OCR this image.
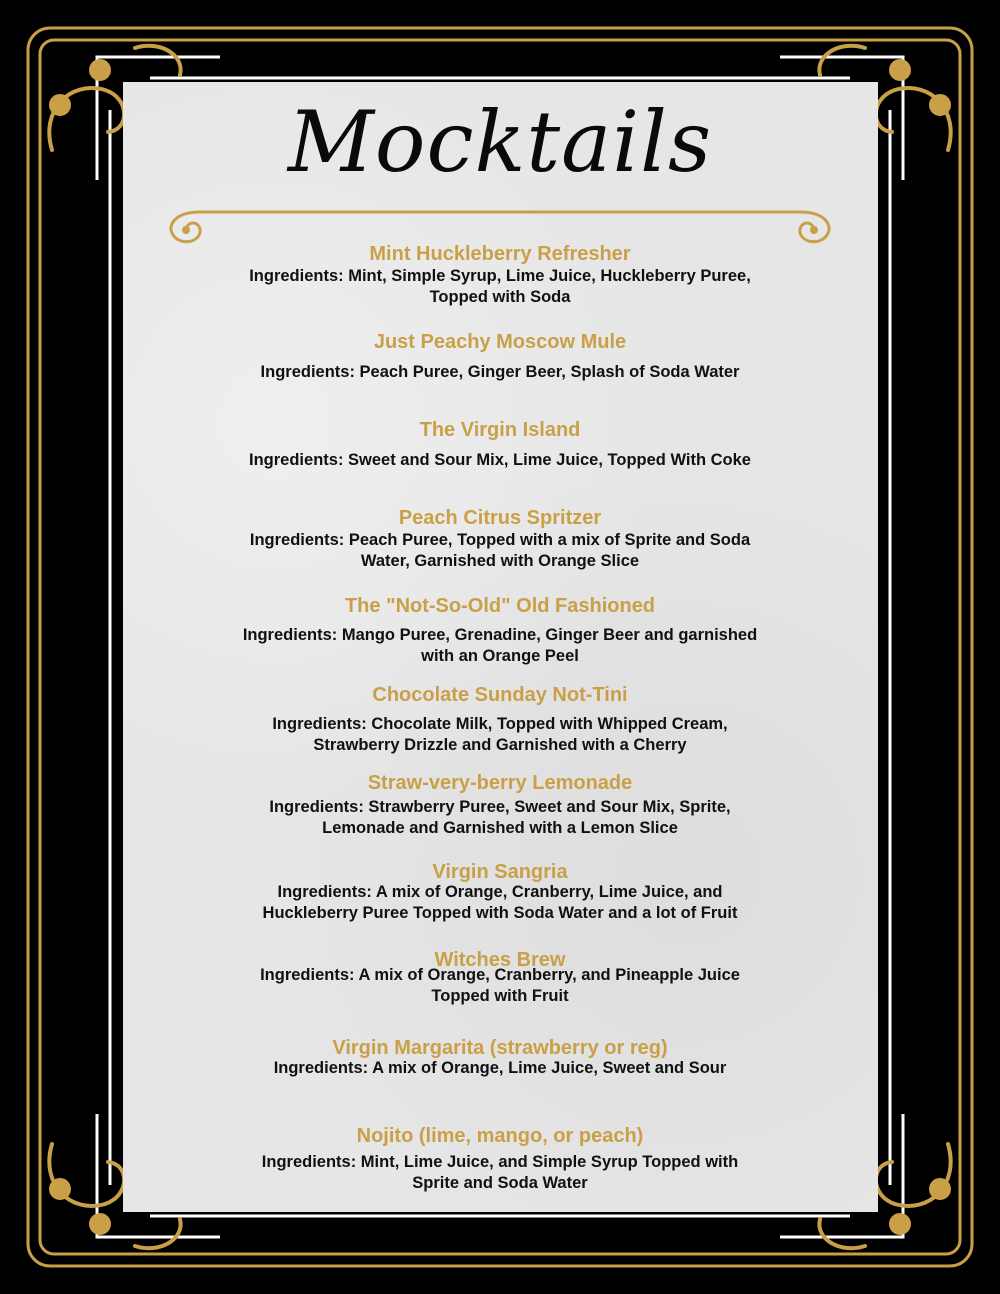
Mocktails
Mint Huckleberry Refresher
Ingredients: Mint, Simple Syrup, Lime Juice, Huckleberry Puree,
Topped with Soda
Just Peachy Moscow Mule
Ingredients: Peach Puree, Ginger Beer, Splash of Soda Water
The Virgin Island
Ingredients: Sweet and Sour Mix, Lime Juice, Topped With Coke
Peach Citrus Spritzer
Ingredients: Peach Puree, Topped with a mix of Sprite and Soda
Water, Garnished with Orange Slice
The "Not-So-Old" Old Fashioned
Ingredients: Mango Puree, Grenadine, Ginger Beer and garnished
with an Orange Peel
Chocolate Sunday Not-Tini
Ingredients: Chocolate Milk, Topped with Whipped Cream,
Strawberry Drizzle and Garnished with a Cherry
Straw-very-berry Lemonade
Ingredients: Strawberry Puree, Sweet and Sour Mix, Sprite,
Lemonade and Garnished with a Lemon Slice
Virgin Sangria
Ingredients: A mix of Orange, Cranberry, Lime Juice, and
Huckleberry Puree Topped with Soda Water and a lot of Fruit
Witches Brew
Ingredients: A mix of Orange, Cranberry, and Pineapple Juice
Topped with Fruit
Virgin Margarita (strawberry or reg)
Ingredients: A mix of Orange, Lime Juice, Sweet and Sour
Nojito (lime, mango, or peach)
Ingredients: Mint, Lime Juice, and Simple Syrup Topped with
Sprite and Soda Water
